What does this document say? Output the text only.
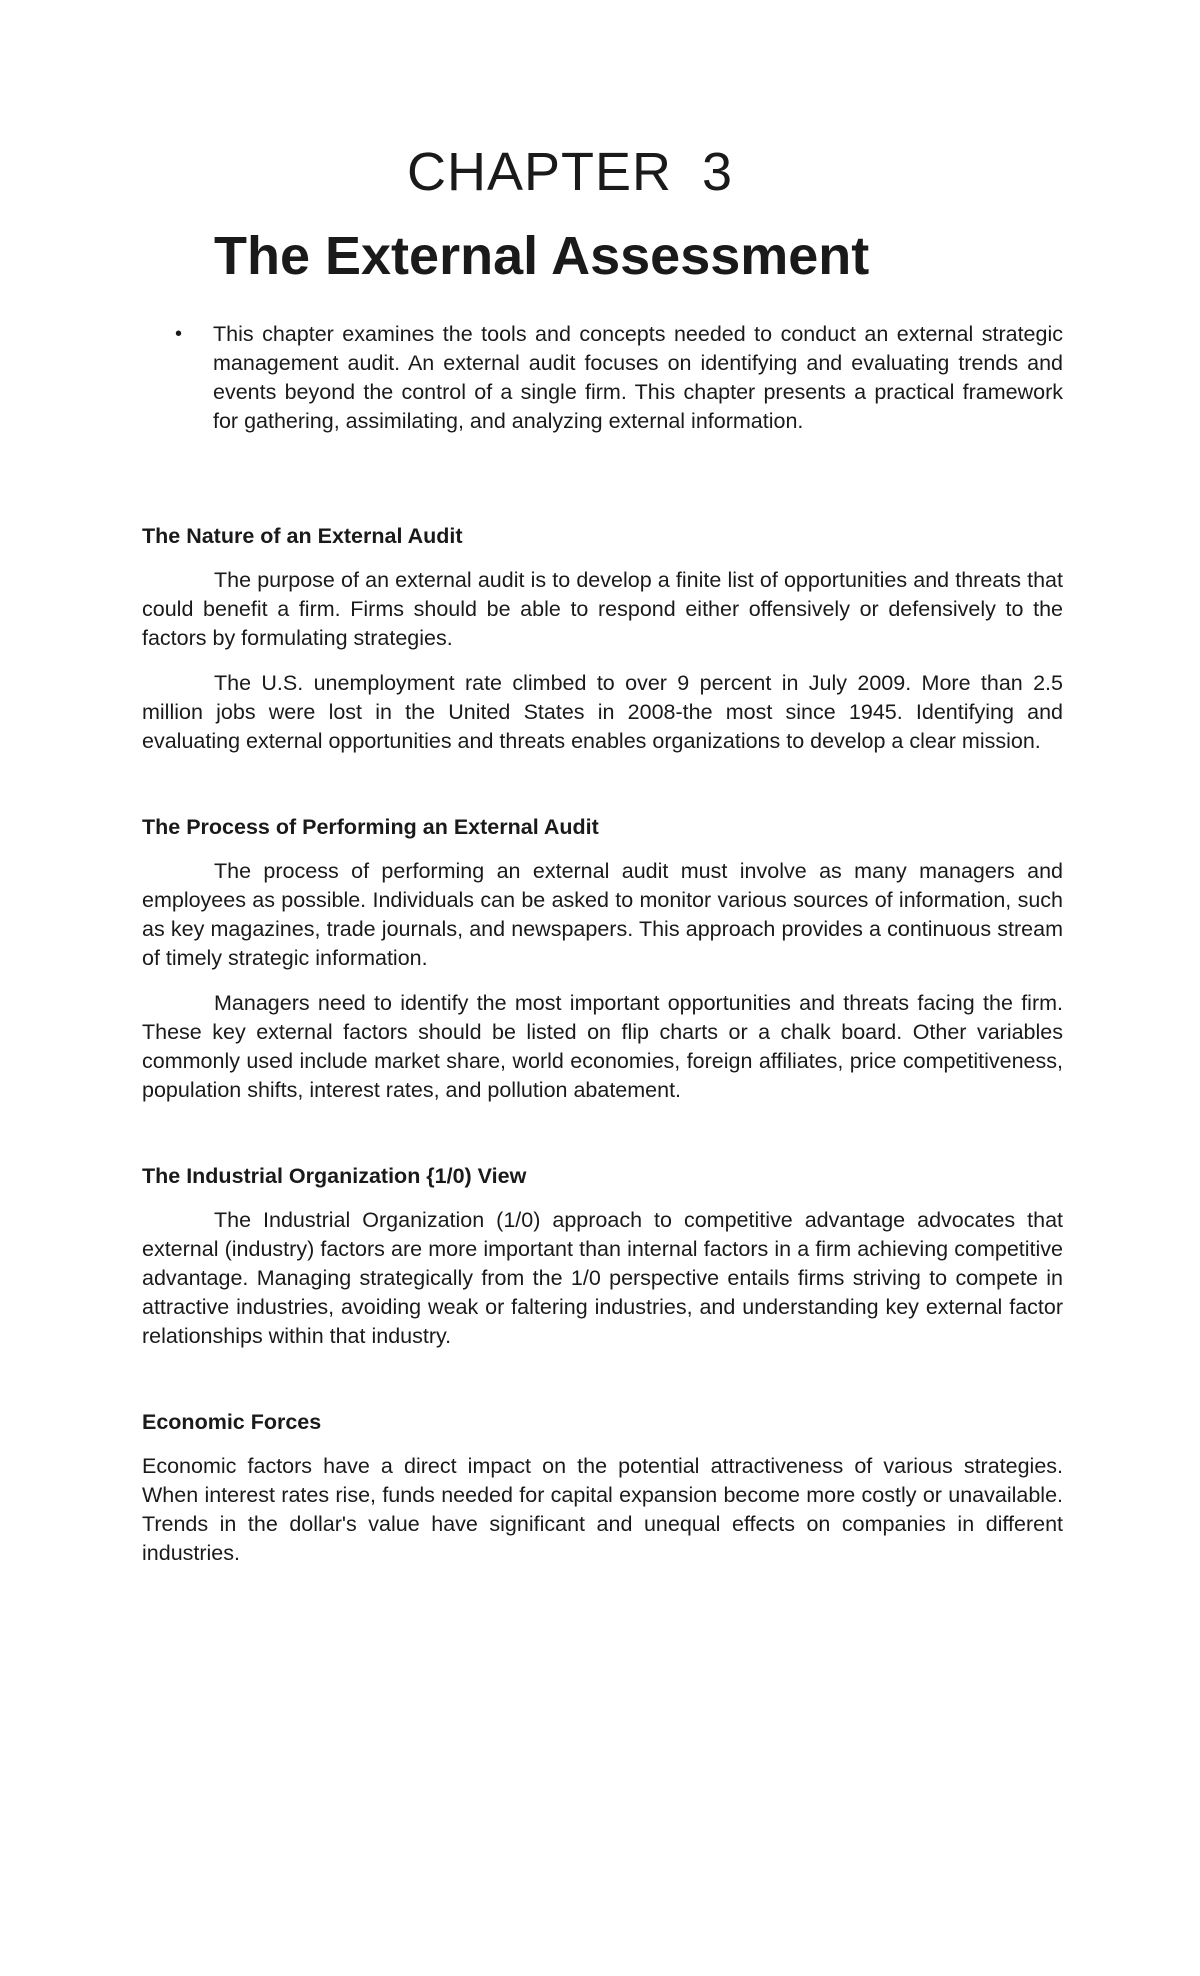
CHAPTER 3
The External Assessment
• This chapter examines the tools and concepts needed to conduct an external strategic management audit. An external audit focuses on identifying and evaluating trends and events beyond the control of a single firm. This chapter presents a practical framework for gathering, assimilating, and analyzing external information.
The Nature of an External Audit

The purpose of an external audit is to develop a finite list of opportunities and threats that could benefit a firm. Firms should be able to respond either offensively or defensively to the factors by formulating strategies.

The U.S. unemployment rate climbed to over 9 percent in July 2009. More than 2.5 million jobs were lost in the United States in 2008-the most since 1945. Identifying and evaluating external opportunities and threats enables organizations to develop a clear mission.

The Process of Performing an External Audit

The process of performing an external audit must involve as many managers and employees as possible. Individuals can be asked to monitor various sources of information, such as key magazines, trade journals, and newspapers. This approach provides a continuous stream of timely strategic information.

Managers need to identify the most important opportunities and threats facing the firm. These key external factors should be listed on flip charts or a chalk board. Other variables commonly used include market share, world economies, foreign affiliates, price competitiveness, population shifts, interest rates, and pollution abatement.

The Industrial Organization {1/0) View

The Industrial Organization (1/0) approach to competitive advantage advocates that external (industry) factors are more important than internal factors in a firm achieving competitive advantage. Managing strategically from the 1/0 perspective entails firms striving to compete in attractive industries, avoiding weak or faltering industries, and understanding key external factor relationships within that industry.

Economic Forces

Economic factors have a direct impact on the potential attractiveness of various strategies. When interest rates rise, funds needed for capital expansion become more costly or unavailable. Trends in the dollar's value have significant and unequal effects on companies in different industries.
